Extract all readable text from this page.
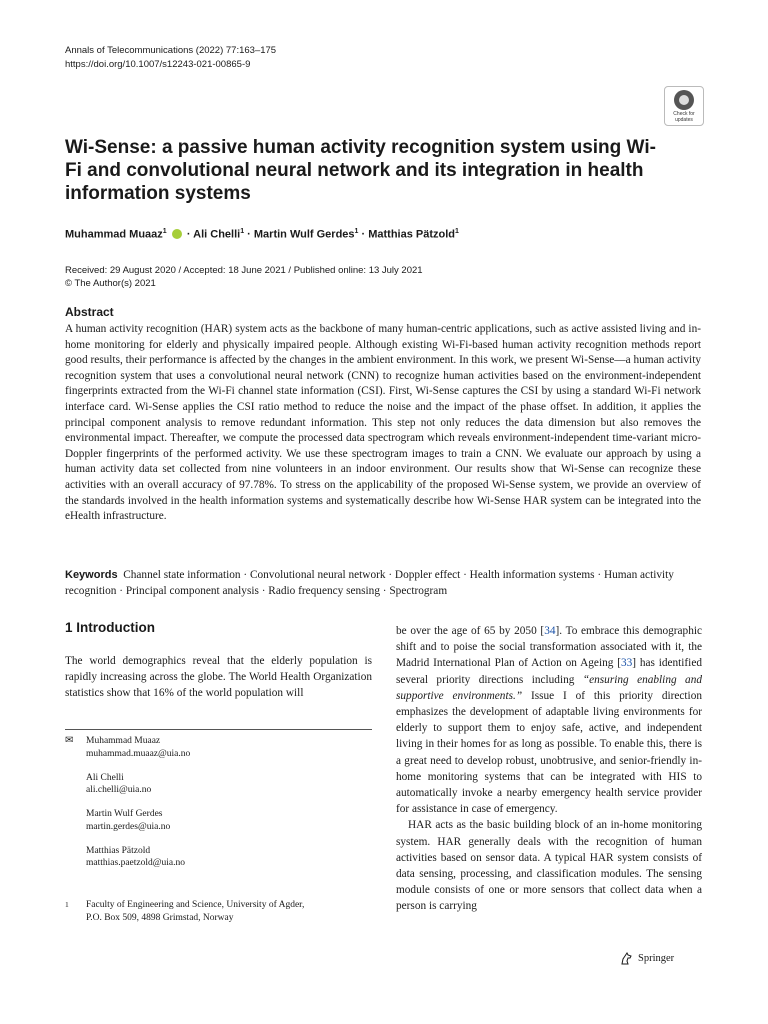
Annals of Telecommunications (2022) 77:163–175
https://doi.org/10.1007/s12243-021-00865-9
Check for updates
Wi-Sense: a passive human activity recognition system using Wi-Fi and convolutional neural network and its integration in health information systems
Muhammad Muaaz$^1$  · Ali Chelli$^1$ · Martin Wulf Gerdes$^1$ · Matthias Pätzold$^1$
Received: 29 August 2020 / Accepted: 18 June 2021 / Published online: 13 July 2021
© The Author(s) 2021
Abstract
A human activity recognition (HAR) system acts as the backbone of many human-centric applications, such as active assisted living and in-home monitoring for elderly and physically impaired people. Although existing Wi-Fi-based human activity recognition methods report good results, their performance is affected by the changes in the ambient environment. In this work, we present Wi-Sense—a human activity recognition system that uses a convolutional neural network (CNN) to recognize human activities based on the environment-independent fingerprints extracted from the Wi-Fi channel state information (CSI). First, Wi-Sense captures the CSI by using a standard Wi-Fi network interface card. Wi-Sense applies the CSI ratio method to reduce the noise and the impact of the phase offset. In addition, it applies the principal component analysis to remove redundant information. This step not only reduces the data dimension but also removes the environmental impact. Thereafter, we compute the processed data spectrogram which reveals environment-independent time-variant micro-Doppler fingerprints of the performed activity. We use these spectrogram images to train a CNN. We evaluate our approach by using a human activity data set collected from nine volunteers in an indoor environment. Our results show that Wi-Sense can recognize these activities with an overall accuracy of 97.78%. To stress on the applicability of the proposed Wi-Sense system, we provide an overview of the standards involved in the health information systems and systematically describe how Wi-Sense HAR system can be integrated into the eHealth infrastructure.
Keywords Channel state information · Convolutional neural network · Doppler effect · Health information systems · Human activity recognition · Principal component analysis · Radio frequency sensing · Spectrogram
1 Introduction
The world demographics reveal that the elderly population is rapidly increasing across the globe. The World Health Organization statistics show that 16% of the world population will
✉ Muhammad Muaaz
muhammad.muaaz@uia.no
Ali Chelli
ali.chelli@uia.no
Martin Wulf Gerdes
martin.gerdes@uia.no
Matthias Pätzold
matthias.paetzold@uia.no
1 Faculty of Engineering and Science, University of Agder,
P.O. Box 509, 4898 Grimstad, Norway

be over the age of 65 by 2050 [34]. To embrace this demographic shift and to poise the social transformation associated with it, the Madrid International Plan of Action on Ageing [33] has identified several priority directions including “ensuring enabling and supportive environments.” Issue I of this priority direction emphasizes the development of adaptable living environments for elderly to support them to enjoy safe, active, and independent living in their homes for as long as possible. To enable this, there is a great need to develop robust, unobtrusive, and senior-friendly in-home monitoring systems that can be integrated with HIS to automatically invoke a nearby emergency health service provider for assistance in case of emergency.

HAR acts as the basic building block of an in-home monitoring system. HAR generally deals with the recognition of human activities based on sensor data. A typical HAR system consists of data sensing, processing, and classification modules. The sensing module consists of one or more sensors that collect data when a person is carrying

Springer
